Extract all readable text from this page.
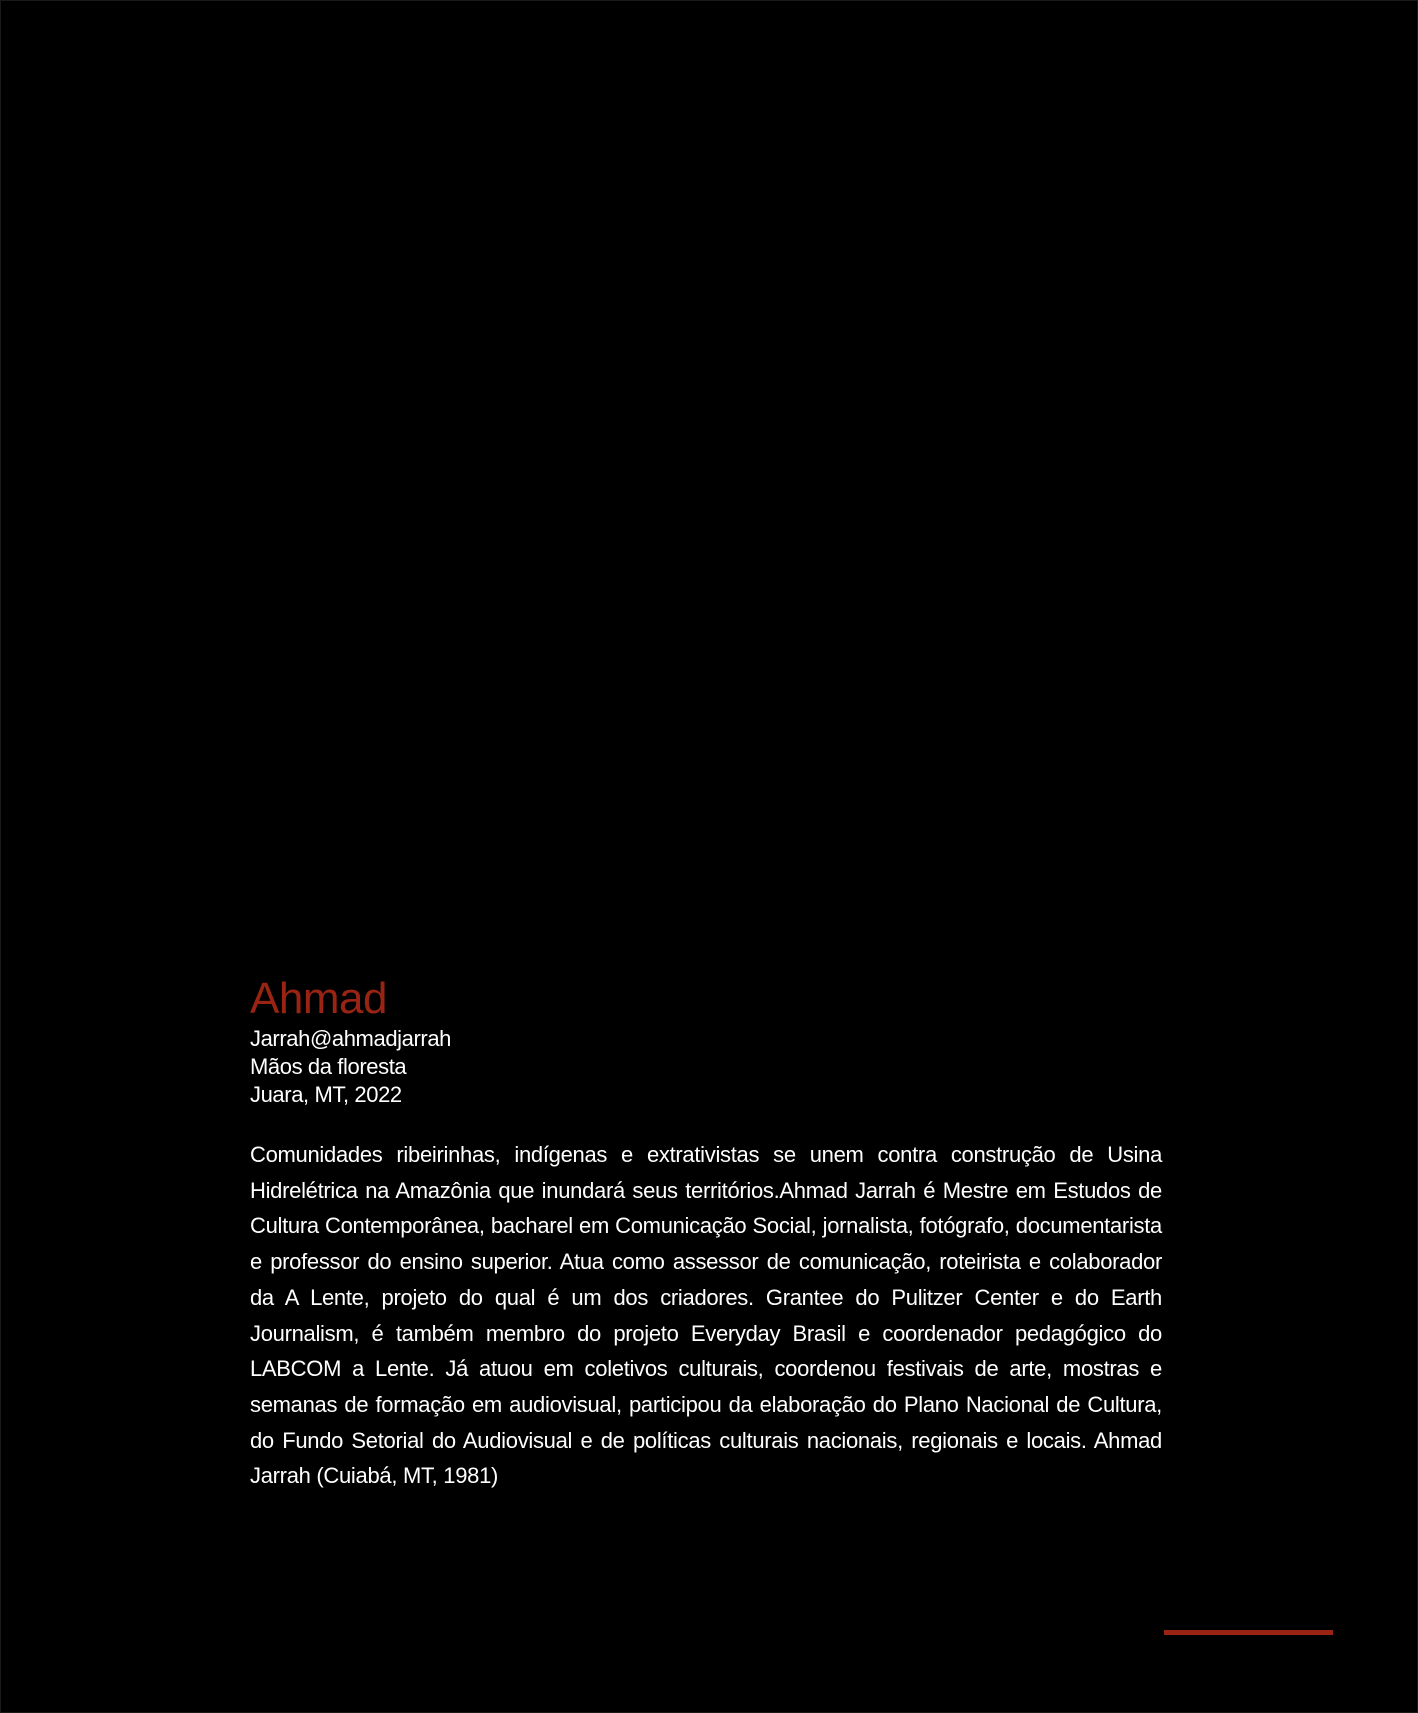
Ahmad

Jarrah@ahmadjarrah

Mãos da floresta

Juara, MT, 2022

Comunidades ribeirinhas, indígenas e extrativistas se unem contra construção de Usina Hidrelétrica na Amazônia que inundará seus territórios.Ahmad Jarrah é Mestre em Estudos de Cultura Contemporânea, bacharel em Comunicação Social, jornalista, fotógrafo, documentarista e professor do ensino superior. Atua como assessor de comunicação, roteirista e colaborador da A Lente, projeto do qual é um dos criadores. Grantee do Pulitzer Center e do Earth Journalism, é também membro do projeto Everyday Brasil e coordenador pedagógico do LABCOM a Lente. Já atuou em coletivos culturais, coordenou festivais de arte, mostras e semanas de formação em audiovisual, participou da elaboração do Plano Nacional de Cultura, do Fundo Setorial do Audiovisual e de políticas culturais nacionais, regionais e locais. Ahmad Jarrah (Cuiabá, MT, 1981)
